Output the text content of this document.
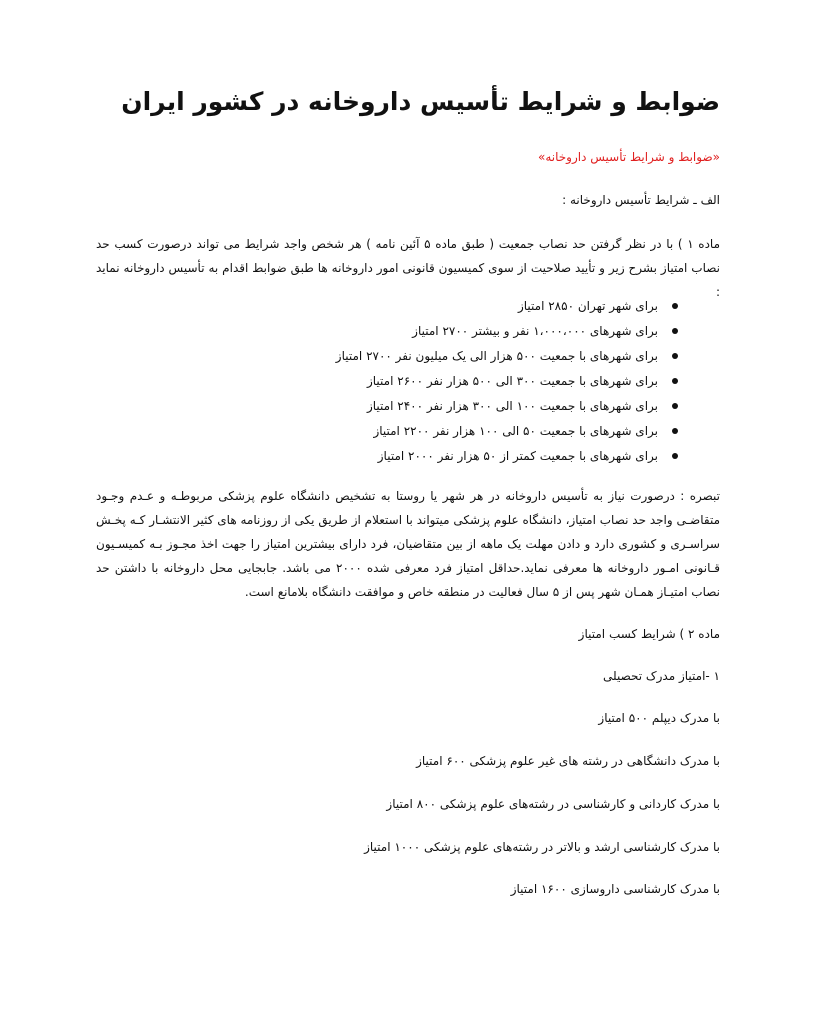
ضوابط و شرایط تأسیس داروخانه در کشور ایران

«ضوابط و شرایط تأسیس داروخانه»

الف ـ شرایط تأسیس داروخانه :

ماده ۱ ) با در نظر گرفتن حد نصاب جمعیت ( طبق ماده ۵ آئین نامه ) هر شخص واجد شرایط می تواند درصورت کسب حد نصاب امتیاز بشرح زیر و تأیید صلاحیت از سوی کمیسیون قانونی امور داروخانه ها طبق ضوابط اقدام به تأسیس داروخانه نماید :

برای شهر تهران ۲۸۵۰ امتیاز
برای شهرهای ۱،۰۰۰،۰۰۰ نفر و بیشتر ۲۷۰۰ امتیاز
برای شهرهای با جمعیت ۵۰۰ هزار الی یک میلیون نفر ۲۷۰۰ امتیاز
برای شهرهای با جمعیت ۳۰۰ الی ۵۰۰ هزار نفر ۲۶۰۰ امتیاز
برای شهرهای با جمعیت ۱۰۰ الی ۳۰۰ هزار نفر ۲۴۰۰ امتیاز
برای شهرهای با جمعیت ۵۰ الی ۱۰۰ هزار نفر ۲۲۰۰ امتیاز
برای شهرهای با جمعیت کمتر از ۵۰ هزار نفر ۲۰۰۰ امتیاز

تبصره : درصورت نیاز به تأسیس داروخانه در هر شهر یا روستا به تشخیص دانشگاه علوم پزشکی مربوطـه و عـدم وجـود متقاضـی واجد حد نصاب امتیاز، دانشگاه علوم پزشکی میتواند با استعلام از طریق یکی از روزنامه های کثیر الانتشـار کـه پخـش سراسـری و کشوری دارد و دادن مهلت یک ماهه از بین متقاضیان، فرد دارای بیشترین امتیاز را جهت اخذ مجـوز بـه کمیسـیون قـانونی امـور داروخانه ها معرفی نماید.حداقل امتیاز فرد معرفی شده ۲۰۰۰ می باشد. جابجایی محل داروخانه با داشتن حد نصاب امتیـاز همـان شهر پس از ۵ سال فعالیت در منطقه خاص و موافقت دانشگاه بلامانع است.

ماده ۲ ) شرایط کسب امتیاز

۱ -امتیاز مدرک تحصیلی

با مدرک دیپلم ۵۰۰ امتیاز

با مدرک دانشگاهی در رشته های غیر علوم پزشکی ۶۰۰ امتیاز

با مدرک کاردانی و کارشناسی در رشته‌های علوم پزشکی ۸۰۰ امتیاز

با مدرک کارشناسی ارشد و بالاتر در رشته‌های علوم پزشکی ۱۰۰۰ امتیاز

با مدرک کارشناسی داروسازی ۱۶۰۰ امتیاز
